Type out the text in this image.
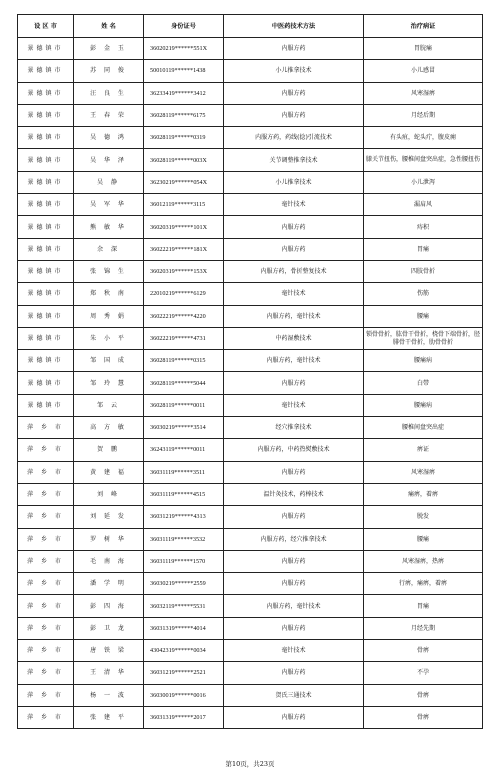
设 区 市	姓 名	身份证号	中医药技术方法	治疗病证
景德镇市	彭 金 玉	36020219******551X	内服方药	胃脘痛
景德镇市	苏 同 俊	50010119******1438	小儿推拿技术	小儿感冒
景德镇市	汪 良 生	36233419******3412	内服方药	风寒湿痹
景德镇市	王 春 荣	36028119******6175	内服方药	月经后期
景德镇市	吴 德 鸿	36028119******0319	内服方药，药线(捻)引流技术	有头疽，蛇头疔，腹皮痈
景德镇市	吴 华 泽	36028119******003X	关节调整推拿技术	膝关节扭伤，腰椎间盘突出症，急性腰扭伤
景德镇市	吴 静	36230219******054X	小儿推拿技术	小儿泄泻
景德镇市	吴 军 华	36012119******3115	毫针技术	漏肩风
景德镇市	熊 敏 华	36020319******101X	内服方药	痔积
景德镇市	余 深	36022219******181X	内服方药	胃痛
景德镇市	张 锦 生	36020319******153X	内服方药，骨折整复技术	四肢骨折
景德镇市	郑 秋 南	22010219******6129	毫针技术	伤筋
景德镇市	周 秀 娟	36022219******4220	内服方药，毫针技术	腰痛
景德镇市	朱 小 平	36022219******4731	中药湿敷技术	锁骨骨折，肱骨干骨折，桡骨下端骨折，胫腓骨干骨折，肋骨骨折
景德镇市	邹 国 成	36028119******0315	内服方药，毫针技术	腰痛病
景德镇市	邹 玲 慧	36028119******5044	内服方药	白带
景德镇市	邹 云	36028119******0011	毫针技术	腰痛病
萍 乡 市	高 方 敏	36030219******3514	经穴推拿技术	腰椎间盘突出症
萍 乡 市	贺 鹏	36243119******0011	内服方药，中药热熨敷技术	痹证
萍 乡 市	黄 建 福	36031119******3511	内服方药	风寒湿痹
萍 乡 市	刘 峰	36031119******4515	温针灸技术，药棒技术	痛痹，着痹
萍 乡 市	刘 延 发	36031219******4313	内服方药	脱发
萍 乡 市	罗 树 华	36031119******3532	内服方药，经穴推拿技术	腰痛
萍 乡 市	毛 南 海	36031119******1570	内服方药	风寒湿痹，热痹
萍 乡 市	潘 学 明	36030219******2559	内服方药	行痹，痛痹，着痹
萍 乡 市	彭 四 海	36032119******5531	内服方药，毫针技术	胃痛
萍 乡 市	彭 卫 龙	36031319******4014	内服方药	月经先期
萍 乡 市	唐 铁 梁	43042319******0034	毫针技术	骨痹
萍 乡 市	王 清 华	36031219******2521	内服方药	不孕
萍 乡 市	杨 一 波	36030019******0016	贺氏三通技术	骨痹
萍 乡 市	张 建 平	36031319******2017	内服方药	骨痹
第10页，共23页
